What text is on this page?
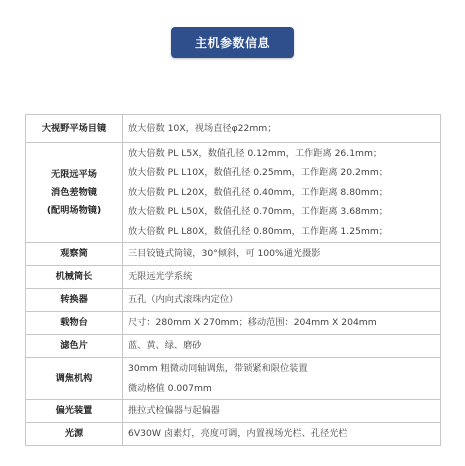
主机参数信息
大视野平场目镜	放大倍数 10X，视场直径φ22mm；

无限远平场
消色差物镜
(配明场物镜)	放大倍数 PL L5X，数值孔径 0.12mm，工作距离 26.1mm；
放大倍数 PL L10X，数值孔径 0.25mm，工作距离 20.2mm；
放大倍数 PL L20X，数值孔径 0.40mm，工作距离 8.80mm；
放大倍数 PL L50X，数值孔径 0.70mm，工作距离 3.68mm；
放大倍数 PL L80X，数值孔径 0.80mm，工作距离 1.25mm；

观察筒	三目铰链式筒镜，30°倾斜，可 100%通光摄影

机械筒长	无限远光学系统

转换器	五孔（内向式滚珠内定位）

载物台	尺寸：280mm X 270mm；移动范围：204mm X 204mm

滤色片	蓝、黄、绿、磨砂

调焦机构	30mm 粗微动同轴调焦，带锁紧和限位装置
微动格值 0.007mm

偏光装置	推拉式检偏器与起偏器

光源	6V30W 卤素灯，亮度可调，内置视场光栏、孔径光栏
